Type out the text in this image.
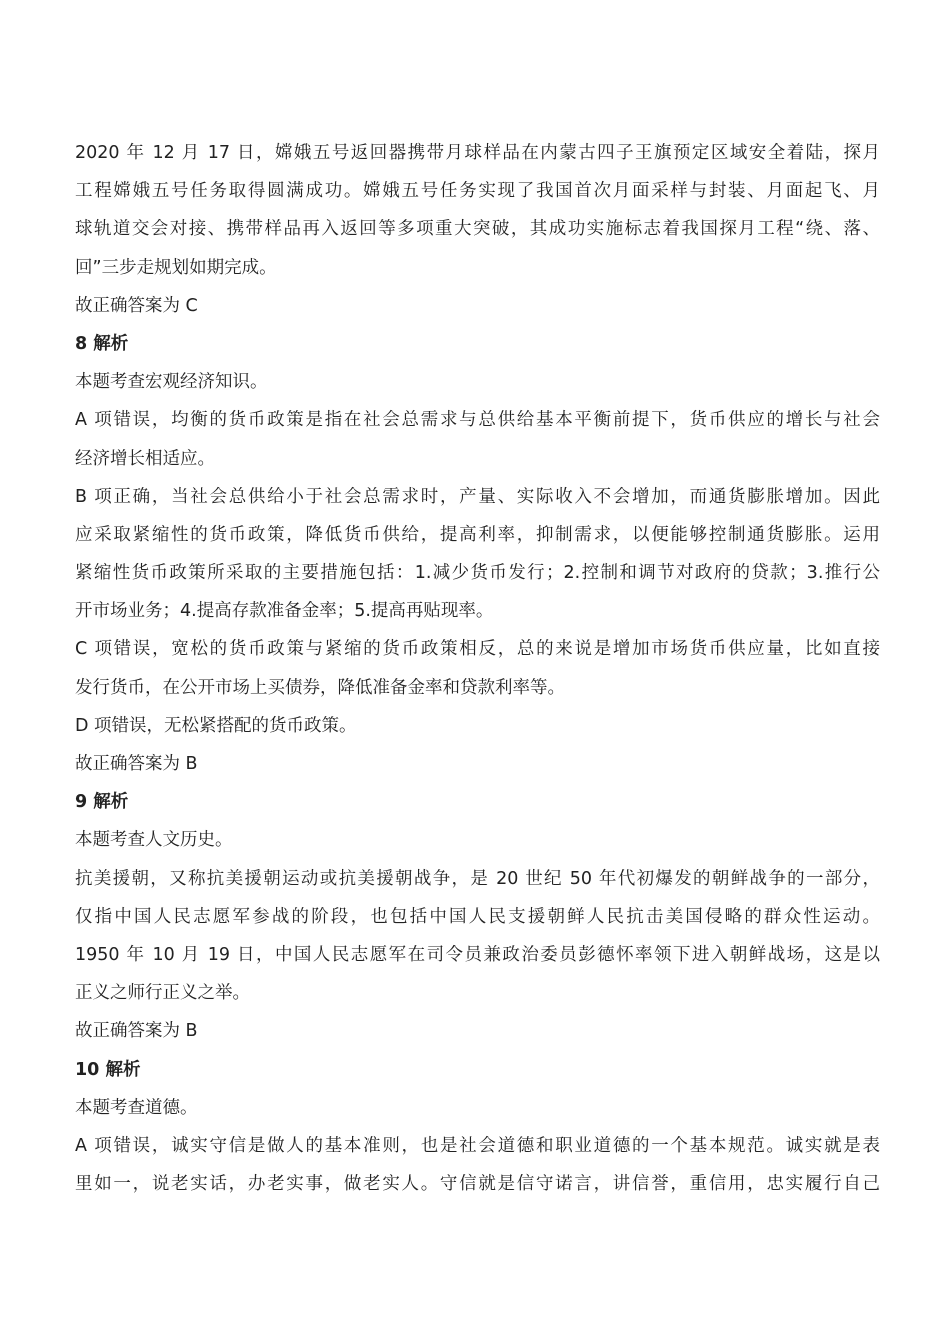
2020 年 12 月 17 日，嫦娥五号返回器携带月球样品在内蒙古四子王旗预定区域安全着陆，探月
工程嫦娥五号任务取得圆满成功。嫦娥五号任务实现了我国首次月面采样与封装、月面起飞、月
球轨道交会对接、携带样品再入返回等多项重大突破，其成功实施标志着我国探月工程“绕、落、
回”三步走规划如期完成。
故正确答案为 C
8 解析
本题考查宏观经济知识。
A 项错误，均衡的货币政策是指在社会总需求与总供给基本平衡前提下，货币供应的增长与社会
经济增长相适应。
B 项正确，当社会总供给小于社会总需求时，产量、实际收入不会增加，而通货膨胀增加。因此
应采取紧缩性的货币政策，降低货币供给，提高利率，抑制需求，以便能够控制通货膨胀。运用
紧缩性货币政策所采取的主要措施包括：1.减少货币发行；2.控制和调节对政府的贷款；3.推行公
开市场业务；4.提高存款准备金率；5.提高再贴现率。
C 项错误，宽松的货币政策与紧缩的货币政策相反，总的来说是增加市场货币供应量，比如直接
发行货币，在公开市场上买债券，降低准备金率和贷款利率等。
D 项错误，无松紧搭配的货币政策。
故正确答案为 B
9 解析
本题考查人文历史。
抗美援朝，又称抗美援朝运动或抗美援朝战争，是 20 世纪 50 年代初爆发的朝鲜战争的一部分，
仅指中国人民志愿军参战的阶段，也包括中国人民支援朝鲜人民抗击美国侵略的群众性运动。
1950 年 10 月 19 日，中国人民志愿军在司令员兼政治委员彭德怀率领下进入朝鲜战场，这是以
正义之师行正义之举。
故正确答案为 B
10 解析
本题考查道德。
A 项错误，诚实守信是做人的基本准则，也是社会道德和职业道德的一个基本规范。诚实就是表
里如一，说老实话，办老实事，做老实人。守信就是信守诺言，讲信誉，重信用，忠实履行自己
